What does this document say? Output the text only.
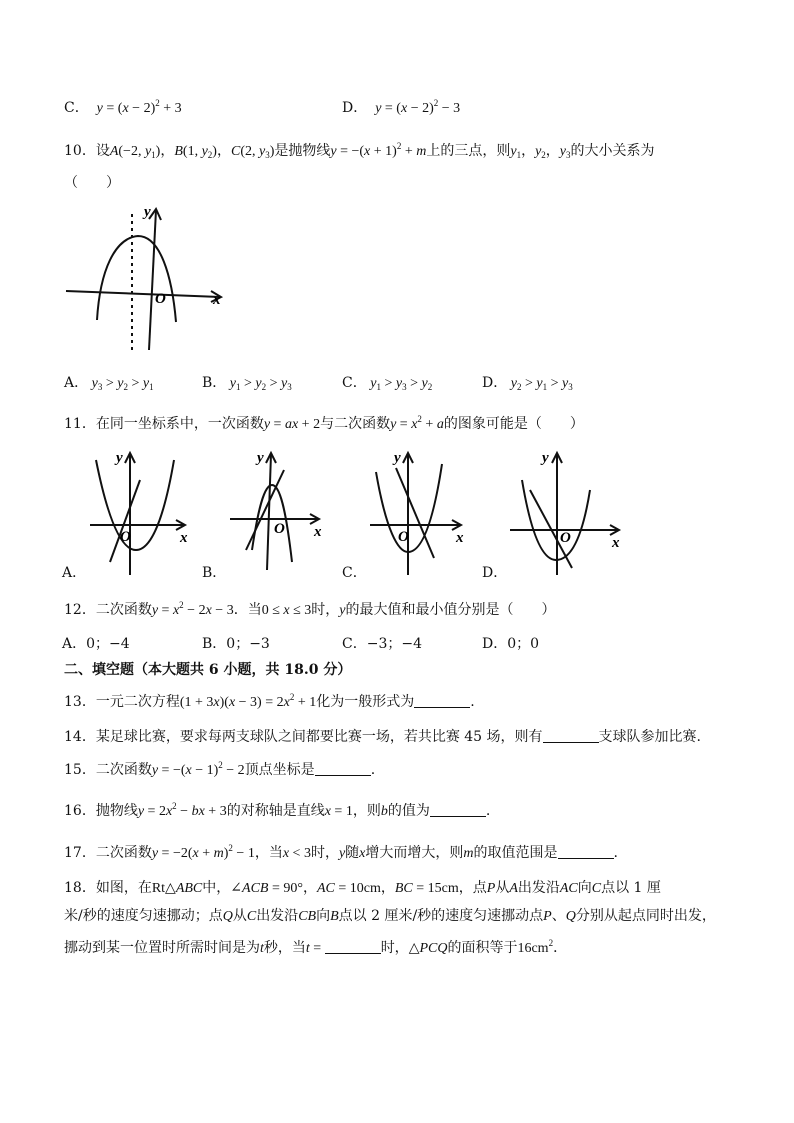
C．  $y = (x - 2)^2 + 3$	D．  $y = (x - 2)^2 - 3$
10．设A(−2, $y_1$)，B(1, $y_2$)，C(2, $y_3$)是抛物线$y = -(x + 1)^2 + m$上的三点，则$y_1$，$y_2$，$y_3$的大小关系为
（　　）
x
y
O
A． $y_3 > y_2 > y_1$	B． $y_1 > y_2 > y_3$	C． $y_1 > y_3 > y_2$	D． $y_2 > y_1 > y_3$
11．在同一坐标系中，一次函数y = ax + 2与二次函数$y = x^2 + a$的图象可能是（　　）
x
y
O	x
y
O
x
y
O	x
y
O
A．	B．	C．	D．
12．二次函数$y = x^2 - 2x - 3$．当0 ≤ x ≤ 3时，y的最大值和最小值分别是（　　）
A．0；−4	B．0；−3	C．−3；−4	D．0；0
二、填空题（本大题共 6 小题，共 18.0 分）
13．一元二次方程$(1 + 3x)(x - 3) = 2x^2 + 1$化为一般形式为	.
14．某足球比赛，要求每两支球队之间都要比赛一场，若共比赛 45 场，则有	支球队参加比赛.
15．二次函数$y = -(x - 1)^2 - 2$顶点坐标是	.
16．抛物线$y = 2x^2$ − bx + 3的对称轴是直线x = 1，则b的值为	.
17．二次函数$y = -2(x + m)^2 - 1$，当x < 3时，y随x增大而增大，则m的取值范围是	.
18．如图，在Rt△ABC中，∠ACB = 90°，AC = 10cm，BC = 15cm，点P从A出发沿AC向C点以 1 厘
米/秒的速度匀速挪动；点Q从C出发沿CB向B点以 2 厘米/秒的速度匀速挪动点P、Q分别从起点同时出发，
挪动到某一位置时所需时间是为t秒，当t =	时，△PCQ的面积等于$16cm^2$．
